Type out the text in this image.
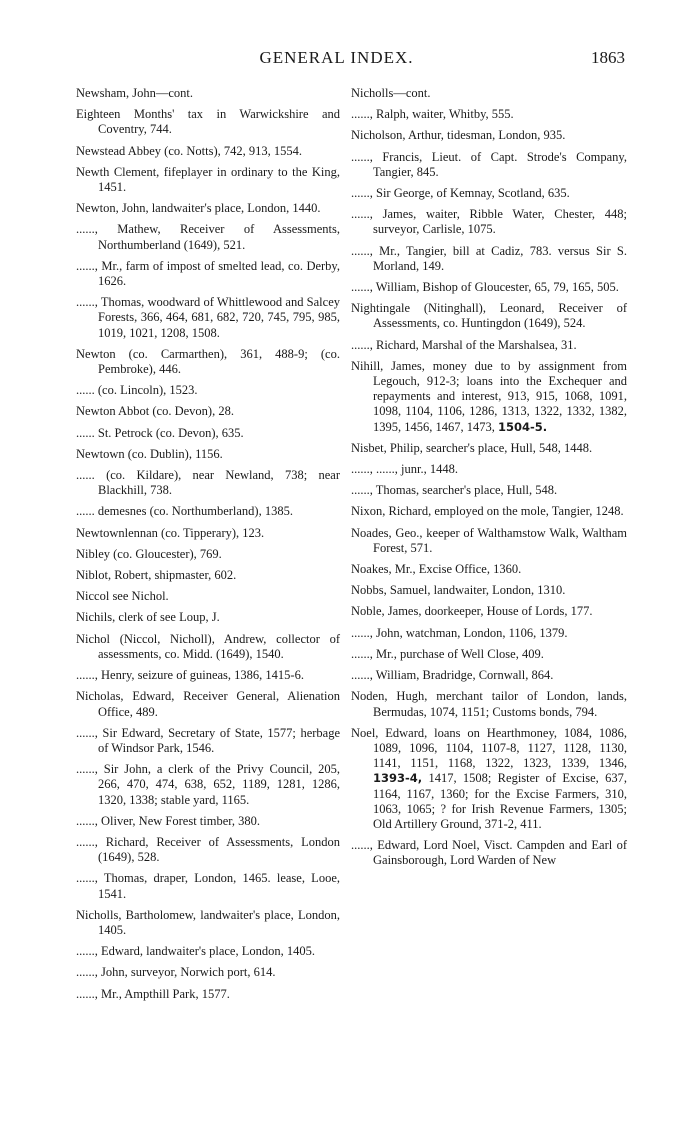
GENERAL INDEX.	1863
Newsham, John—cont.
Eighteen Months' tax in Warwickshire and Coventry, 744.
Newstead Abbey (co. Notts), 742, 913, 1554.
Newth Clement, fifeplayer in ordinary to the King, 1451.
Newton, John, landwaiter's place, London, 1440.
......, Mathew, Receiver of Assessments, Northumberland (1649), 521.
......, Mr., farm of impost of smelted lead, co. Derby, 1626.
......, Thomas, woodward of Whittlewood and Salcey Forests, 366, 464, 681, 682, 720, 745, 795, 985, 1019, 1021, 1208, 1508.
Newton (co. Carmarthen), 361, 488-9; (co. Pembroke), 446.
...... (co. Lincoln), 1523.
Newton Abbot (co. Devon), 28.
...... St. Petrock (co. Devon), 635.
Newtown (co. Dublin), 1156.
...... (co. Kildare), near Newland, 738; near Blackhill, 738.
...... demesnes (co. Northumberland), 1385.
Newtownlennan (co. Tipperary), 123.
Nibley (co. Gloucester), 769.
Niblot, Robert, shipmaster, 602.
Niccol see Nichol.
Nichils, clerk of see Loup, J.
Nichol (Niccol, Nicholl), Andrew, collector of assessments, co. Midd. (1649), 1540.
......, Henry, seizure of guineas, 1386, 1415-6.
Nicholas, Edward, Receiver General, Alienation Office, 489.
......, Sir Edward, Secretary of State, 1577; herbage of Windsor Park, 1546.
......, Sir John, a clerk of the Privy Council, 205, 266, 470, 474, 638, 652, 1189, 1281, 1286, 1320, 1338; stable yard, 1165.
......, Oliver, New Forest timber, 380.
......, Richard, Receiver of Assessments, London (1649), 528.
......, Thomas, draper, London, 1465. lease, Looe, 1541.
Nicholls, Bartholomew, landwaiter's place, London, 1405.
......, Edward, landwaiter's place, London, 1405.
......, John, surveyor, Norwich port, 614.
......, Mr., Ampthill Park, 1577.
Nicholls—cont.
......, Ralph, waiter, Whitby, 555.
Nicholson, Arthur, tidesman, London, 935.
......, Francis, Lieut. of Capt. Strode's Company, Tangier, 845.
......, Sir George, of Kemnay, Scotland, 635.
......, James, waiter, Ribble Water, Chester, 448; surveyor, Carlisle, 1075.
......, Mr., Tangier, bill at Cadiz, 783. versus Sir S. Morland, 149.
......, William, Bishop of Gloucester, 65, 79, 165, 505.
Nightingale (Nitinghall), Leonard, Receiver of Assessments, co. Huntingdon (1649), 524.
......, Richard, Marshal of the Marshalsea, 31.
Nihill, James, money due to by assignment from Legouch, 912-3; loans into the Exchequer and repayments and interest, 913, 915, 1068, 1091, 1098, 1104, 1106, 1286, 1313, 1322, 1332, 1382, 1395, 1456, 1467, 1473, 1504-5.
Nisbet, Philip, searcher's place, Hull, 548, 1448.
......, ......, junr., 1448.
......, Thomas, searcher's place, Hull, 548.
Nixon, Richard, employed on the mole, Tangier, 1248.
Noades, Geo., keeper of Walthamstow Walk, Waltham Forest, 571.
Noakes, Mr., Excise Office, 1360.
Nobbs, Samuel, landwaiter, London, 1310.
Noble, James, doorkeeper, House of Lords, 177.
......, John, watchman, London, 1106, 1379.
......, Mr., purchase of Well Close, 409.
......, William, Bradridge, Cornwall, 864.
Noden, Hugh, merchant tailor of London, lands, Bermudas, 1074, 1151; Customs bonds, 794.
Noel, Edward, loans on Hearthmoney, 1084, 1086, 1089, 1096, 1104, 1107-8, 1127, 1128, 1130, 1141, 1151, 1168, 1322, 1323, 1339, 1346, 1393-4, 1417, 1508; Register of Excise, 637, 1164, 1167, 1360; for the Excise Farmers, 310, 1063, 1065; ? for Irish Revenue Farmers, 1305; Old Artillery Ground, 371-2, 411.
......, Edward, Lord Noel, Visct. Campden and Earl of Gainsborough, Lord Warden of New
